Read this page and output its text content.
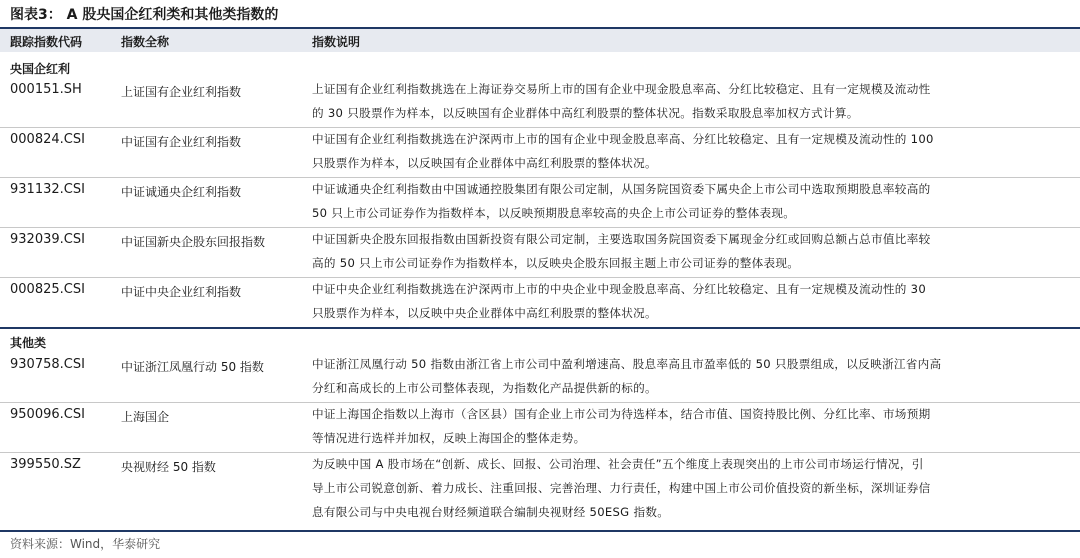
图表3： A 股央国企红利类和其他类指数的
跟踪指数代码	指数全称	指数说明
央国企红利
000151.SH	上证国有企业红利指数	上证国有企业红利指数挑选在上海证券交易所上市的国有企业中现金股息率高、分红比较稳定、且有一定规模及流动性
的 30 只股票作为样本，以反映国有企业群体中高红利股票的整体状况。指数采取股息率加权方式计算。
000824.CSI	中证国有企业红利指数	中证国有企业红利指数挑选在沪深两市上市的国有企业中现金股息率高、分红比较稳定、且有一定规模及流动性的 100
只股票作为样本，以反映国有企业群体中高红利股票的整体状况。
931132.CSI	中证诚通央企红利指数	中证诚通央企红利指数由中国诚通控股集团有限公司定制，从国务院国资委下属央企上市公司中选取预期股息率较高的
50 只上市公司证券作为指数样本，以反映预期股息率较高的央企上市公司证券的整体表现。
932039.CSI	中证国新央企股东回报指数	中证国新央企股东回报指数由国新投资有限公司定制，主要选取国务院国资委下属现金分红或回购总额占总市值比率较
高的 50 只上市公司证券作为指数样本，以反映央企股东回报主题上市公司证券的整体表现。
000825.CSI	中证中央企业红利指数	中证中央企业红利指数挑选在沪深两市上市的中央企业中现金股息率高、分红比较稳定、且有一定规模及流动性的 30
只股票作为样本，以反映中央企业群体中高红利股票的整体状况。
其他类
930758.CSI	中证浙江凤凰行动 50 指数	中证浙江凤凰行动 50 指数由浙江省上市公司中盈利增速高、股息率高且市盈率低的 50 只股票组成，以反映浙江省内高
分红和高成长的上市公司整体表现，为指数化产品提供新的标的。
950096.CSI	上海国企	中证上海国企指数以上海市（含区县）国有企业上市公司为待选样本，结合市值、国资持股比例、分红比率、市场预期
等情况进行选样并加权，反映上海国企的整体走势。
399550.SZ	央视财经 50 指数	为反映中国 A 股市场在“创新、成长、回报、公司治理、社会责任”五个维度上表现突出的上市公司市场运行情况，引
导上市公司锐意创新、着力成长、注重回报、完善治理、力行责任，构建中国上市公司价值投资的新坐标，深圳证券信
息有限公司与中央电视台财经频道联合编制央视财经 50ESG 指数。
资料来源：Wind，华泰研究
